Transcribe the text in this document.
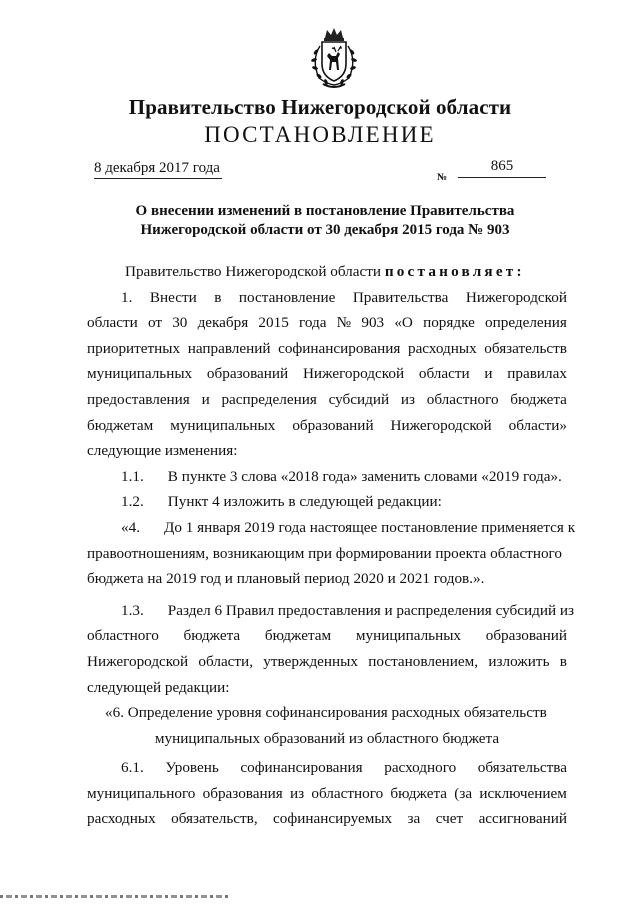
Правительство Нижегородской области
ПОСТАНОВЛЕНИЕ
8 декабря 2017 года
№
865
О внесении изменений в постановление Правительства
Нижегородской области от 30 декабря 2015 года № 903
Правительство Нижегородской области постановляет:
1. Внести в постановление Правительства Нижегородской
области от 30 декабря 2015 года № 903 «О порядке определения
приоритетных направлений софинансирования расходных обязательств
муниципальных образований Нижегородской области и правилах
предоставления и распределения субсидий из областного бюджета
бюджетам муниципальных образований Нижегородской области»
следующие изменения:
1.1. В пункте 3 слова «2018 года» заменить словами «2019 года».
1.2. Пункт 4 изложить в следующей редакции:
«4. До 1 января 2019 года настоящее постановление применяется к
правоотношениям, возникающим при формировании проекта областного
бюджета на 2019 год и плановый период 2020 и 2021 годов.».
1.3. Раздел 6 Правил предоставления и распределения субсидий из
областного бюджета бюджетам муниципальных образований
Нижегородской области, утвержденных постановлением, изложить в
следующей редакции:
«6. Определение уровня софинансирования расходных обязательств
муниципальных образований из областного бюджета
6.1. Уровень софинансирования расходного обязательства
муниципального образования из областного бюджета (за исключением
расходных обязательств, софинансируемых за счет ассигнований
